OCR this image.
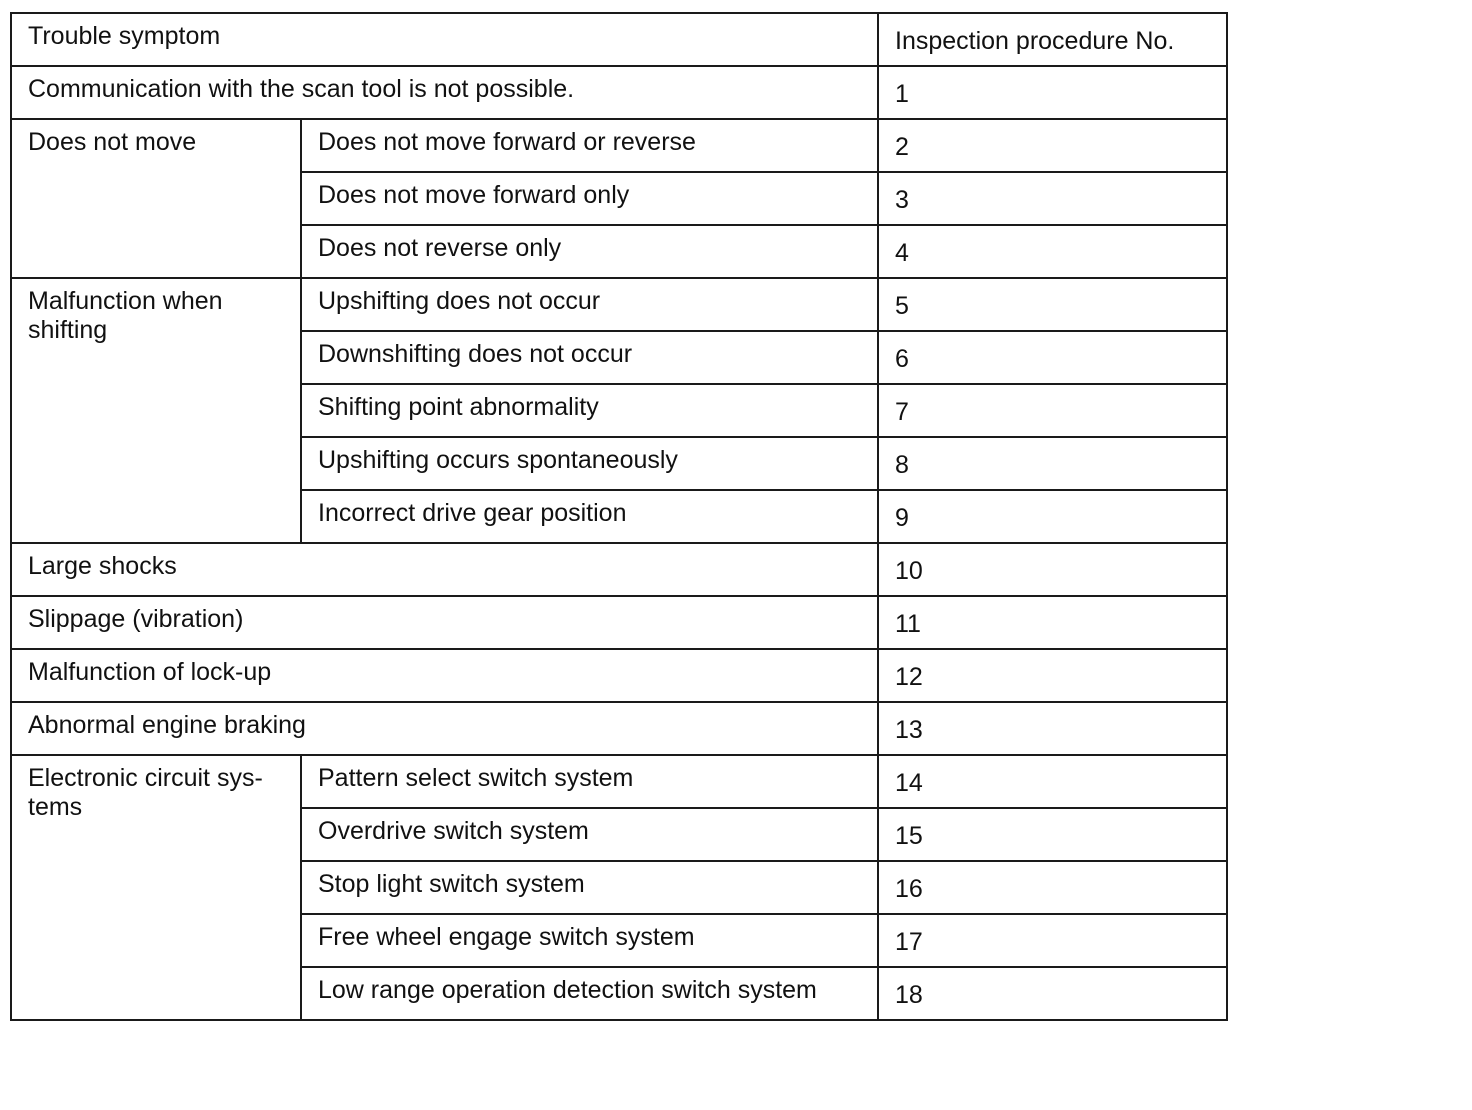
Trouble symptom		Inspection procedure No.
Communication with the scan tool is not possible.		1
Does not move	Does not move forward or reverse	2
	Does not move forward only	3
	Does not reverse only	4

Malfunction when
shifting	Upshifting does not occur	5
	Downshifting does not occur	6
	Shifting point abnormality	7
	Upshifting occurs spontaneously	8
	Incorrect drive gear position	9
Large shocks		10
Slippage (vibration)		11
Malfunction of lock-up		12
Abnormal engine braking		13

Electronic circuit sys-
tems	Pattern select switch system	14
	Overdrive switch system	15
	Stop light switch system	16
	Free wheel engage switch system	17
	Low range operation detection switch system	18
